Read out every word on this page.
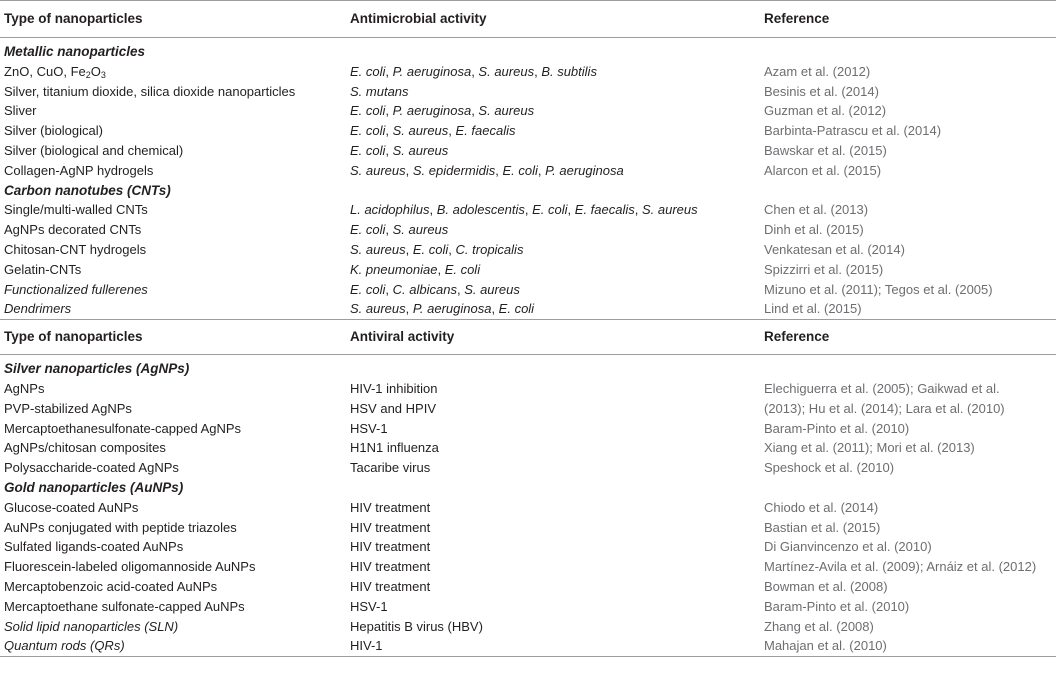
Type of nanoparticles	Antimicrobial activity	Reference
Metallic nanoparticles		
ZnO, CuO, $Fe_2O_3$	E. coli, P. aeruginosa, S. aureus, B. subtilis	Azam et al. (2012)
Silver, titanium dioxide, silica dioxide nanoparticles	S. mutans	Besinis et al. (2014)
Sliver	E. coli, P. aeruginosa, S. aureus	Guzman et al. (2012)
Silver (biological)	E. coli, S. aureus, E. faecalis	Barbinta-Patrascu et al. (2014)
Silver (biological and chemical)	E. coli, S. aureus	Bawskar et al. (2015)
Collagen-AgNP hydrogels	S. aureus, S. epidermidis, E. coli, P. aeruginosa	Alarcon et al. (2015)
Carbon nanotubes (CNTs)		
Single/multi-walled CNTs	L. acidophilus, B. adolescentis, E. coli, E. faecalis, S. aureus	Chen et al. (2013)
AgNPs decorated CNTs	E. coli, S. aureus	Dinh et al. (2015)
Chitosan-CNT hydrogels	S. aureus, E. coli, C. tropicalis	Venkatesan et al. (2014)
Gelatin-CNTs	K. pneumoniae, E. coli	Spizzirri et al. (2015)
Functionalized fullerenes	E. coli, C. albicans, S. aureus	Mizuno et al. (2011); Tegos et al. (2005)
Dendrimers	S. aureus, P. aeruginosa, E. coli	Lind et al. (2015)
Type of nanoparticles	Antiviral activity	Reference
Silver nanoparticles (AgNPs)		
AgNPs	HIV-1 inhibition	Elechiguerra et al. (2005); Gaikwad et al.
PVP-stabilized AgNPs	HSV and HPIV	(2013); Hu et al. (2014); Lara et al. (2010)
Mercaptoethanesulfonate-capped AgNPs	HSV-1	Baram-Pinto et al. (2010)
AgNPs/chitosan composites	H1N1 influenza	Xiang et al. (2011); Mori et al. (2013)
Polysaccharide-coated AgNPs	Tacaribe virus	Speshock et al. (2010)
Gold nanoparticles (AuNPs)		
Glucose-coated AuNPs	HIV treatment	Chiodo et al. (2014)
AuNPs conjugated with peptide triazoles	HIV treatment	Bastian et al. (2015)
Sulfated ligands-coated AuNPs	HIV treatment	Di Gianvincenzo et al. (2010)
Fluorescein-labeled oligomannoside AuNPs	HIV treatment	Martínez-Avila et al. (2009); Arnáiz et al. (2012)
Mercaptobenzoic acid-coated AuNPs	HIV treatment	Bowman et al. (2008)
Mercaptoethane sulfonate-capped AuNPs	HSV-1	Baram-Pinto et al. (2010)
Solid lipid nanoparticles (SLN)	Hepatitis B virus (HBV)	Zhang et al. (2008)
Quantum rods (QRs)	HIV-1	Mahajan et al. (2010)
